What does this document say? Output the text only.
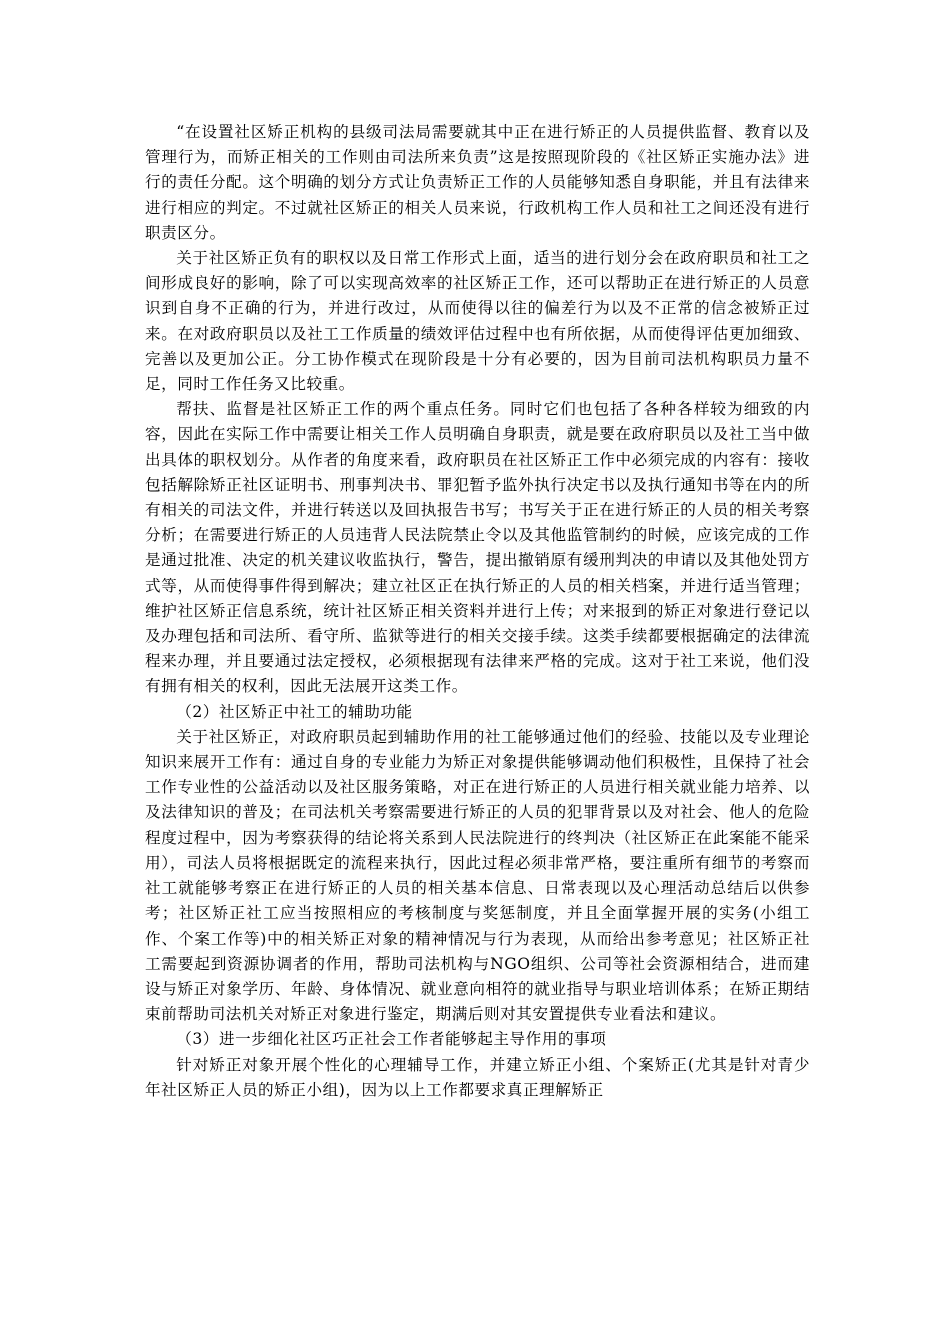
“在设置社区矫正机构的县级司法局需要就其中正在进行矫正的人员提供监督、教育以及管理行为，而矫正相关的工作则由司法所来负责”这是按照现阶段的《社区矫正实施办法》进行的责任分配。这个明确的划分方式让负责矫正工作的人员能够知悉自身职能，并且有法律来进行相应的判定。不过就社区矫正的相关人员来说，行政机构工作人员和社工之间还没有进行职责区分。

关于社区矫正负有的职权以及日常工作形式上面，适当的进行划分会在政府职员和社工之间形成良好的影响，除了可以实现高效率的社区矫正工作，还可以帮助正在进行矫正的人员意识到自身不正确的行为，并进行改过，从而使得以往的偏差行为以及不正常的信念被矫正过来。在对政府职员以及社工工作质量的绩效评估过程中也有所依据，从而使得评估更加细致、完善以及更加公正。分工协作模式在现阶段是十分有必要的，因为目前司法机构职员力量不足，同时工作任务又比较重。

帮扶、监督是社区矫正工作的两个重点任务。同时它们也包括了各种各样较为细致的内容，因此在实际工作中需要让相关工作人员明确自身职责，就是要在政府职员以及社工当中做出具体的职权划分。从作者的角度来看，政府职员在社区矫正工作中必须完成的内容有：接收包括解除矫正社区证明书、刑事判决书、罪犯暂予监外执行决定书以及执行通知书等在内的所有相关的司法文件，并进行转送以及回执报告书写；书写关于正在进行矫正的人员的相关考察分析；在需要进行矫正的人员违背人民法院禁止令以及其他监管制约的时候，应该完成的工作是通过批准、决定的机关建议收监执行，警告，提出撤销原有缓刑判决的申请以及其他处罚方式等，从而使得事件得到解决；建立社区正在执行矫正的人员的相关档案，并进行适当管理；维护社区矫正信息系统，统计社区矫正相关资料并进行上传；对来报到的矫正对象进行登记以及办理包括和司法所、看守所、监狱等进行的相关交接手续。这类手续都要根据确定的法律流程来办理，并且要通过法定授权，必须根据现有法律来严格的完成。这对于社工来说，他们没有拥有相关的权利，因此无法展开这类工作。

（2）社区矫正中社工的辅助功能

关于社区矫正，对政府职员起到辅助作用的社工能够通过他们的经验、技能以及专业理论知识来展开工作有：通过自身的专业能力为矫正对象提供能够调动他们积极性，且保持了社会工作专业性的公益活动以及社区服务策略，对正在进行矫正的人员进行相关就业能力培养、以及法律知识的普及；在司法机关考察需要进行矫正的人员的犯罪背景以及对社会、他人的危险程度过程中，因为考察获得的结论将关系到人民法院进行的终判决（社区矫正在此案能不能采用），司法人员将根据既定的流程来执行，因此过程必须非常严格，要注重所有细节的考察而社工就能够考察正在进行矫正的人员的相关基本信息、日常表现以及心理活动总结后以供参考；社区矫正社工应当按照相应的考核制度与奖惩制度，并且全面掌握开展的实务(小组工作、个案工作等)中的相关矫正对象的精神情况与行为表现，从而给出参考意见；社区矫正社工需要起到资源协调者的作用，帮助司法机构与NGO组织、公司等社会资源相结合，进而建设与矫正对象学历、年龄、身体情况、就业意向相符的就业指导与职业培训体系；在矫正期结束前帮助司法机关对矫正对象进行鉴定，期满后则对其安置提供专业看法和建议。

（3）进一步细化社区巧正社会工作者能够起主导作用的事项

针对矫正对象开展个性化的心理辅导工作，并建立矫正小组、个案矫正(尤其是针对青少年社区矫正人员的矫正小组)，因为以上工作都要求真正理解矫正
